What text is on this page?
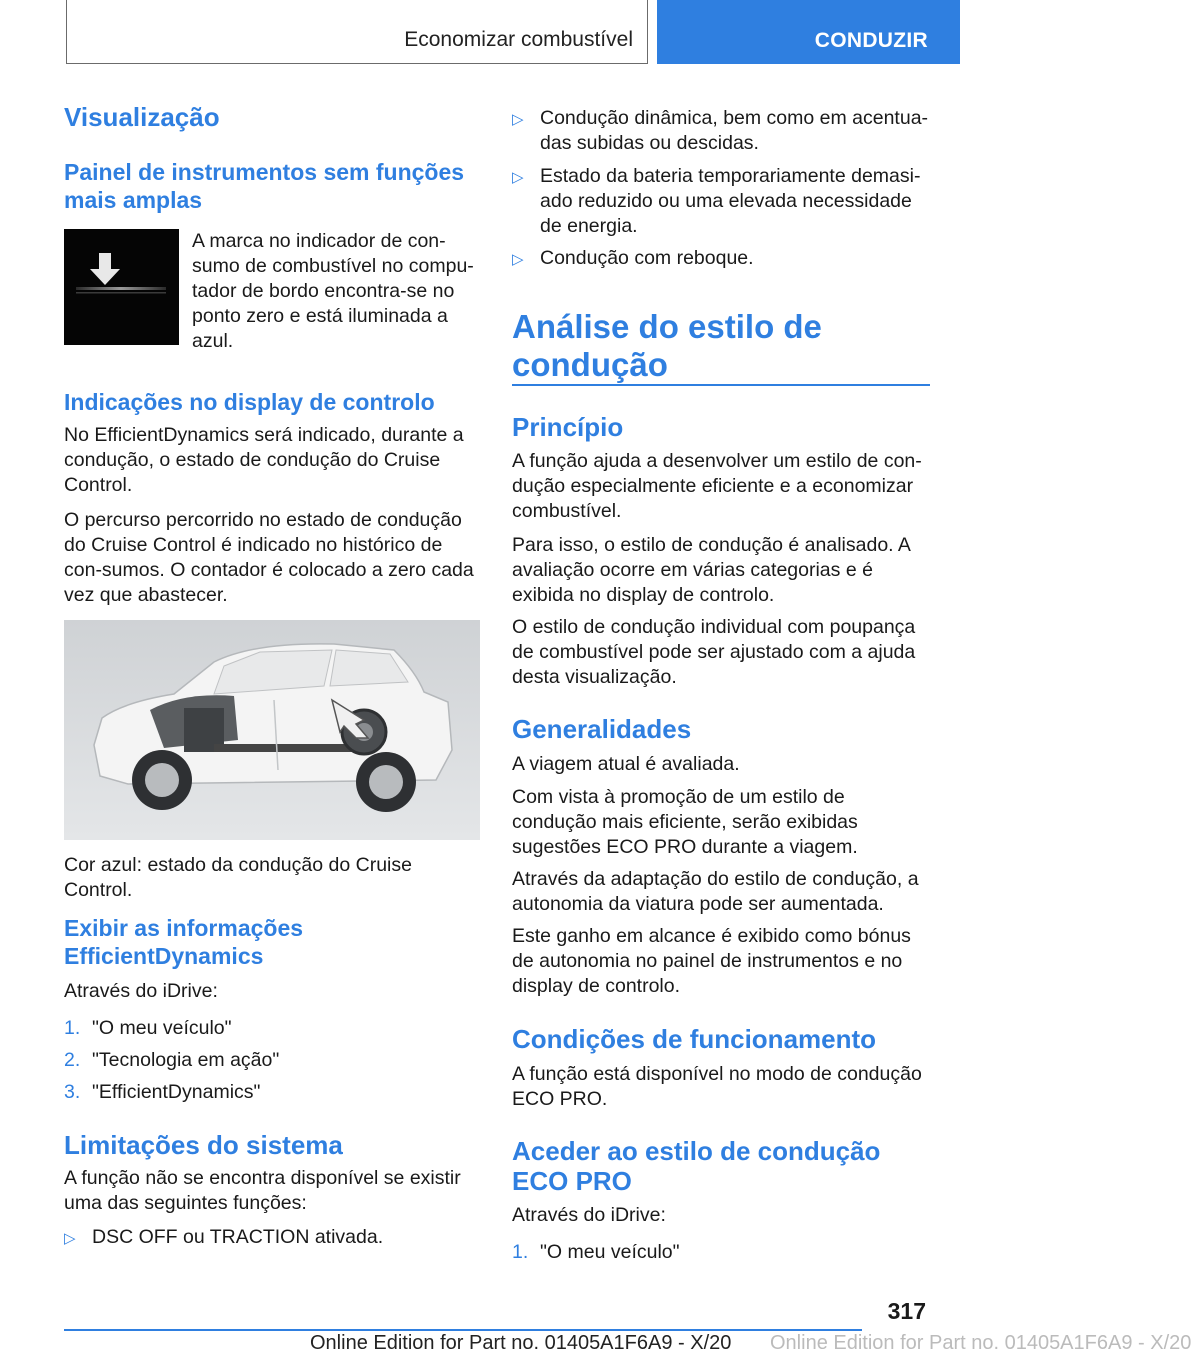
Economizar combustível	CONDUZIR
Visualização
Painel de instrumentos sem funções mais amplas

A marca no indicador de con-sumo de combustível no compu-tador de bordo encontra-se no ponto zero e está iluminada a azul.

Indicações no display de controlo

No EfficientDynamics será indicado, durante a condução, o estado de condução do Cruise Control.

O percurso percorrido no estado de condução do Cruise Control é indicado no histórico de con-sumos. O contador é colocado a zero cada vez que abastecer.

Cor azul: estado da condução do Cruise Control.

Exibir as informações EfficientDynamics

Através do iDrive:

1. "O meu veículo"
2. "Tecnologia em ação"
3. "EfficientDynamics"
Limitações do sistema

A função não se encontra disponível se existir uma das seguintes funções:

▷ DSC OFF ou TRACTION ativada.
▷ Condução dinâmica, bem como em acentua-das subidas ou descidas.
▷ Estado da bateria temporariamente demasi-ado reduzido ou uma elevada necessidade de energia.
▷ Condução com reboque.
Análise do estilo de condução
Princípio

A função ajuda a desenvolver um estilo de con-dução especialmente eficiente e a economizar combustível.

Para isso, o estilo de condução é analisado. A avaliação ocorre em várias categorias e é exibida no display de controlo.

O estilo de condução individual com poupança de combustível pode ser ajustado com a ajuda desta visualização.

Generalidades

A viagem atual é avaliada.

Com vista à promoção de um estilo de condução mais eficiente, serão exibidas sugestões ECO PRO durante a viagem.

Através da adaptação do estilo de condução, a autonomia da viatura pode ser aumentada.

Este ganho em alcance é exibido como bónus de autonomia no painel de instrumentos e no display de controlo.

Condições de funcionamento

A função está disponível no modo de condução ECO PRO.

Aceder ao estilo de condução ECO PRO

Através do iDrive:

1. "O meu veículo"
317
Online Edition for Part no. 01405A1F6A9 - X/20 Online Edition for Part no. 01405A1F6A9 - X/20
